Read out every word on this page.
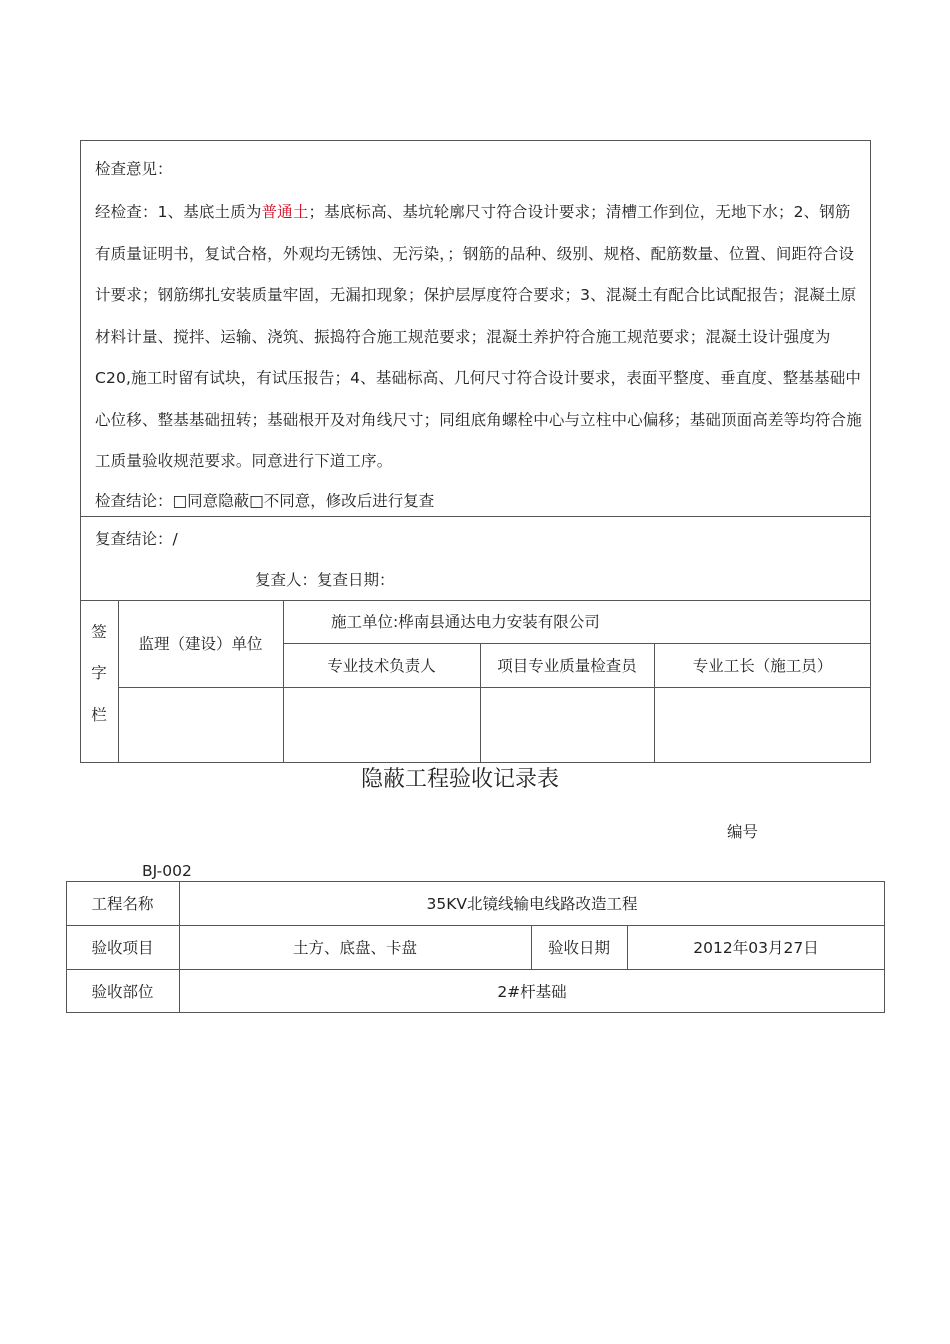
检查意见：
经检查：1、基底土质为普通土；基底标高、基坑轮廓尺寸符合设计要求；清槽工作到位，无地下水；2、钢筋有质量证明书，复试合格，外观均无锈蚀、无污染，；钢筋的品种、级别、规格、配筋数量、位置、间距符合设计要求；钢筋绑扎安装质量牢固，无漏扣现象；保护层厚度符合要求；3、混凝土有配合比试配报告；混凝土原材料计量、搅拌、运输、浇筑、振捣符合施工规范要求；混凝土养护符合施工规范要求；混凝土设计强度为C20,施工时留有试块，有试压报告；4、基础标高、几何尺寸符合设计要求，表面平整度、垂直度、整基基础中心位移、整基基础扭转；基础根开及对角线尺寸；同组底角螺栓中心与立柱中心偏移；基础顶面高差等均符合施工质量验收规范要求。同意进行下道工序。
检查结论：□同意隐蔽□不同意，修改后进行复查
复查结论：/
复查人：复查日期：
签
字
栏
监理（建设）单位
施工单位:桦南县通达电力安装有限公司
专业技术负责人	项目专业质量检查员	专业工长（施工员）
隐蔽工程验收记录表
编号
BJ-002
工程名称	35KV北镜线输电线路改造工程
验收项目	土方、底盘、卡盘	验收日期	2012年03月27日
验收部位	2#杆基础
